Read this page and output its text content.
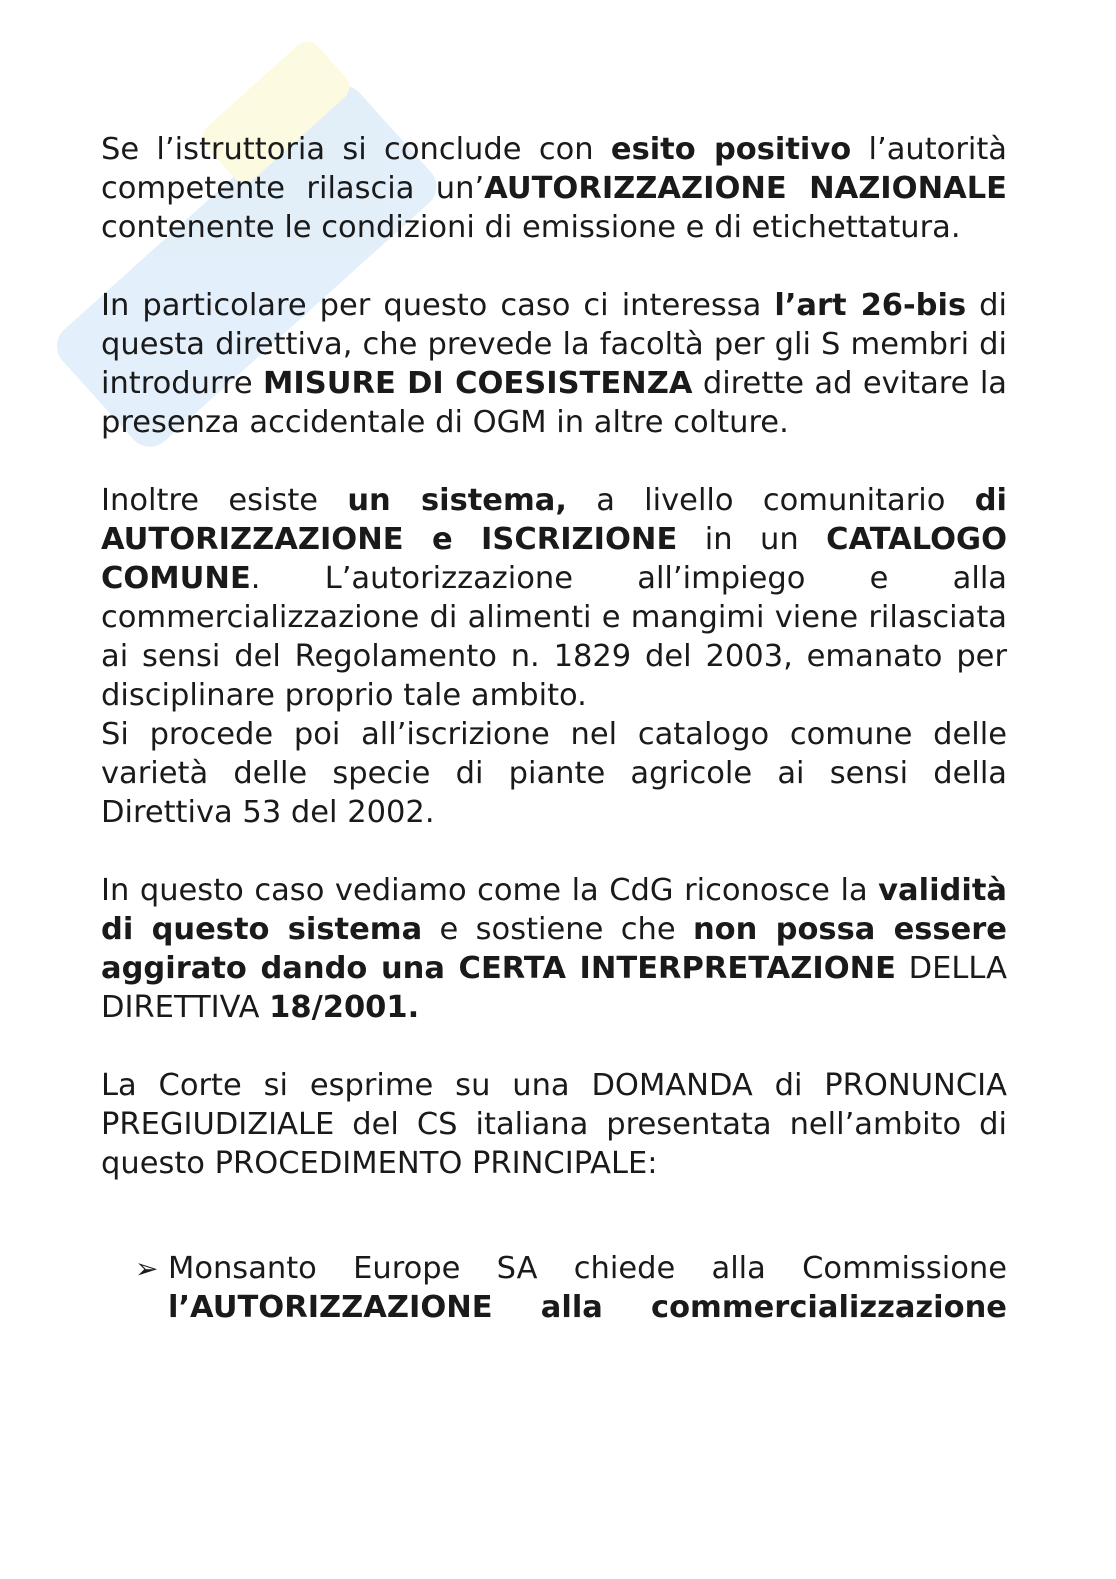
Se l’istruttoria si conclude con esito positivo l’autorità competente rilascia un’AUTORIZZAZIONE NAZIONALE contenente le condizioni di emissione e di etichettatura.

In particolare per questo caso ci interessa l’art 26-bis di questa direttiva, che prevede la facoltà per gli S membri di introdurre MISURE DI COESISTENZA dirette ad evitare la presenza accidentale di OGM in altre colture.

Inoltre esiste un sistema, a livello comunitario di AUTORIZZAZIONE e ISCRIZIONE in un CATALOGO COMUNE. L’autorizzazione all’impiego e alla commercializzazione di alimenti e mangimi viene rilasciata ai sensi del Regolamento n. 1829 del 2003, emanato per disciplinare proprio tale ambito.

Si procede poi all’iscrizione nel catalogo comune delle varietà delle specie di piante agricole ai sensi della Direttiva 53 del 2002.

In questo caso vediamo come la CdG riconosce la validità di questo sistema e sostiene che non possa essere aggirato dando una CERTA INTERPRETAZIONE DELLA DIRETTIVA 18/2001.

La Corte si esprime su una DOMANDA di PRONUNCIA PREGIUDIZIALE del CS italiana presentata nell’ambito di questo PROCEDIMENTO PRINCIPALE:

➢ Monsanto Europe SA chiede alla Commissione l’AUTORIZZAZIONE alla commercializzazione
